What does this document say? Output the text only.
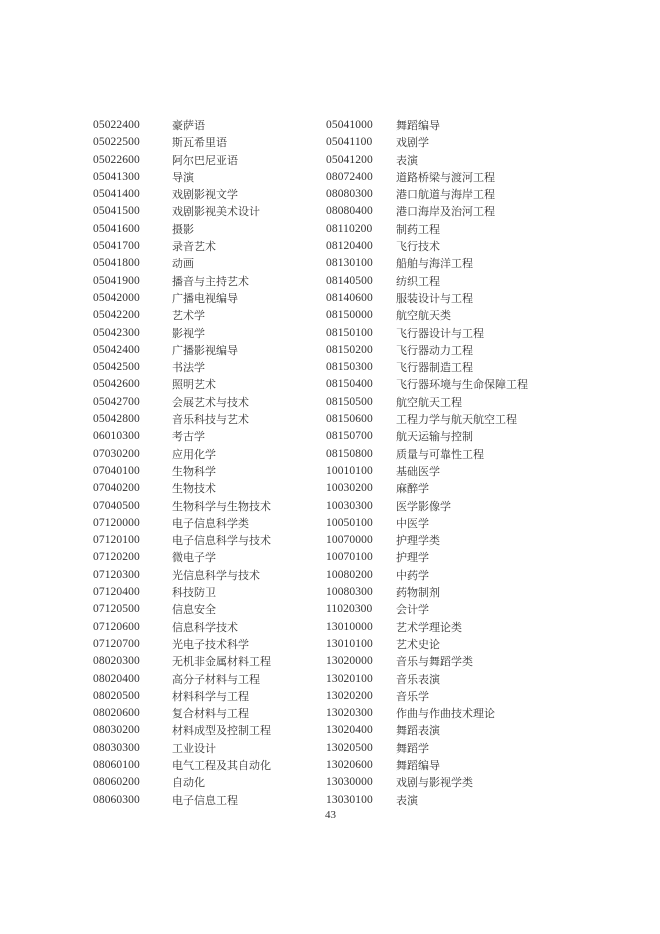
05022400	豪萨语
05022500	斯瓦希里语
05022600	阿尔巴尼亚语
05041300	导演
05041400	戏剧影视文学
05041500	戏剧影视美术设计
05041600	摄影
05041700	录音艺术
05041800	动画
05041900	播音与主持艺术
05042000	广播电视编导
05042200	艺术学
05042300	影视学
05042400	广播影视编导
05042500	书法学
05042600	照明艺术
05042700	会展艺术与技术
05042800	音乐科技与艺术
06010300	考古学
07030200	应用化学
07040100	生物科学
07040200	生物技术
07040500	生物科学与生物技术
07120000	电子信息科学类
07120100	电子信息科学与技术
07120200	微电子学
07120300	光信息科学与技术
07120400	科技防卫
07120500	信息安全
07120600	信息科学技术
07120700	光电子技术科学
08020300	无机非金属材料工程
08020400	高分子材料与工程
08020500	材料科学与工程
08020600	复合材料与工程
08030200	材料成型及控制工程
08030300	工业设计
08060100	电气工程及其自动化
08060200	自动化
08060300	电子信息工程
05041000 舞蹈编导
05041100 戏剧学
05041200 表演
08072400 道路桥梁与渡河工程
08080300 港口航道与海岸工程
08080400 港口海岸及治河工程
08110200 制药工程
08120400 飞行技术
08130100 船舶与海洋工程
08140500 纺织工程
08140600 服装设计与工程
08150000 航空航天类
08150100 飞行器设计与工程
08150200 飞行器动力工程
08150300 飞行器制造工程
08150400 飞行器环境与生命保障工程
08150500 航空航天工程
08150600 工程力学与航天航空工程
08150700 航天运输与控制
08150800 质量与可靠性工程
10010100 基础医学
10030200 麻醉学
10030300 医学影像学
10050100 中医学
10070000 护理学类
10070100 护理学
10080200 中药学
10080300 药物制剂
11020300 会计学
13010000 艺术学理论类
13010100 艺术史论
13020000 音乐与舞蹈学类
13020100 音乐表演
13020200 音乐学
13020300 作曲与作曲技术理论
13020400 舞蹈表演
13020500 舞蹈学
13020600 舞蹈编导
13030000 戏剧与影视学类
13030100 表演
43
